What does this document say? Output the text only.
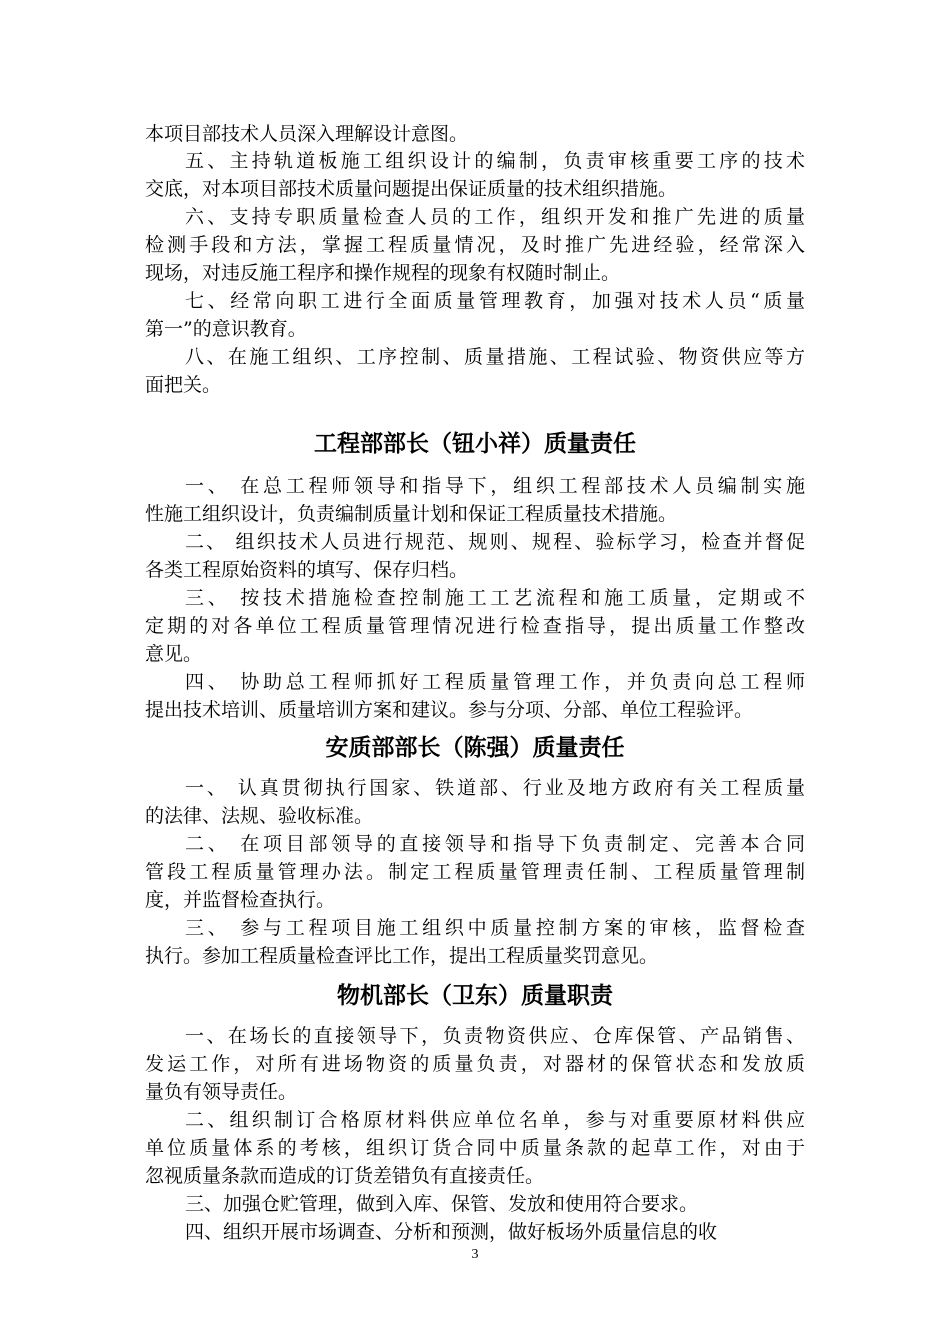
本项目部技术人员深入理解设计意图。
五、主持轨道板施工组织设计的编制，负责审核重要工序的技术
交底，对本项目部技术质量问题提出保证质量的技术组织措施。
六、支持专职质量检查人员的工作，组织开发和推广先进的质量
检测手段和方法，掌握工程质量情况，及时推广先进经验，经常深入
现场，对违反施工程序和操作规程的现象有权随时制止。
七、经常向职工进行全面质量管理教育，加强对技术人员“质量
第一”的意识教育。
八、在施工组织、工序控制、质量措施、工程试验、物资供应等方
面把关。
工程部部长（钮小祥）质量责任
一、 在总工程师领导和指导下，组织工程部技术人员编制实施
性施工组织设计，负责编制质量计划和保证工程质量技术措施。
二、 组织技术人员进行规范、规则、规程、验标学习，检查并督促
各类工程原始资料的填写、保存归档。
三、 按技术措施检查控制施工工艺流程和施工质量，定期或不
定期的对各单位工程质量管理情况进行检查指导，提出质量工作整改
意见。
四、 协助总工程师抓好工程质量管理工作，并负责向总工程师
提出技术培训、质量培训方案和建议。参与分项、分部、单位工程验评。
安质部部长（陈强）质量责任
一、 认真贯彻执行国家、铁道部、行业及地方政府有关工程质量
的法律、法规、验收标准。
二、 在项目部领导的直接领导和指导下负责制定、完善本合同
管段工程质量管理办法。制定工程质量管理责任制、工程质量管理制
度，并监督检查执行。
三、 参与工程项目施工组织中质量控制方案的审核，监督检查
执行。参加工程质量检查评比工作，提出工程质量奖罚意见。
物机部长（卫东）质量职责
一、在场长的直接领导下，负责物资供应、仓库保管、产品销售、
发运工作，对所有进场物资的质量负责，对器材的保管状态和发放质
量负有领导责任。
二、组织制订合格原材料供应单位名单，参与对重要原材料供应
单位质量体系的考核，组织订货合同中质量条款的起草工作，对由于
忽视质量条款而造成的订货差错负有直接责任。
三、加强仓贮管理，做到入库、保管、发放和使用符合要求。
四、组织开展市场调查、分析和预测，做好板场外质量信息的收
3
